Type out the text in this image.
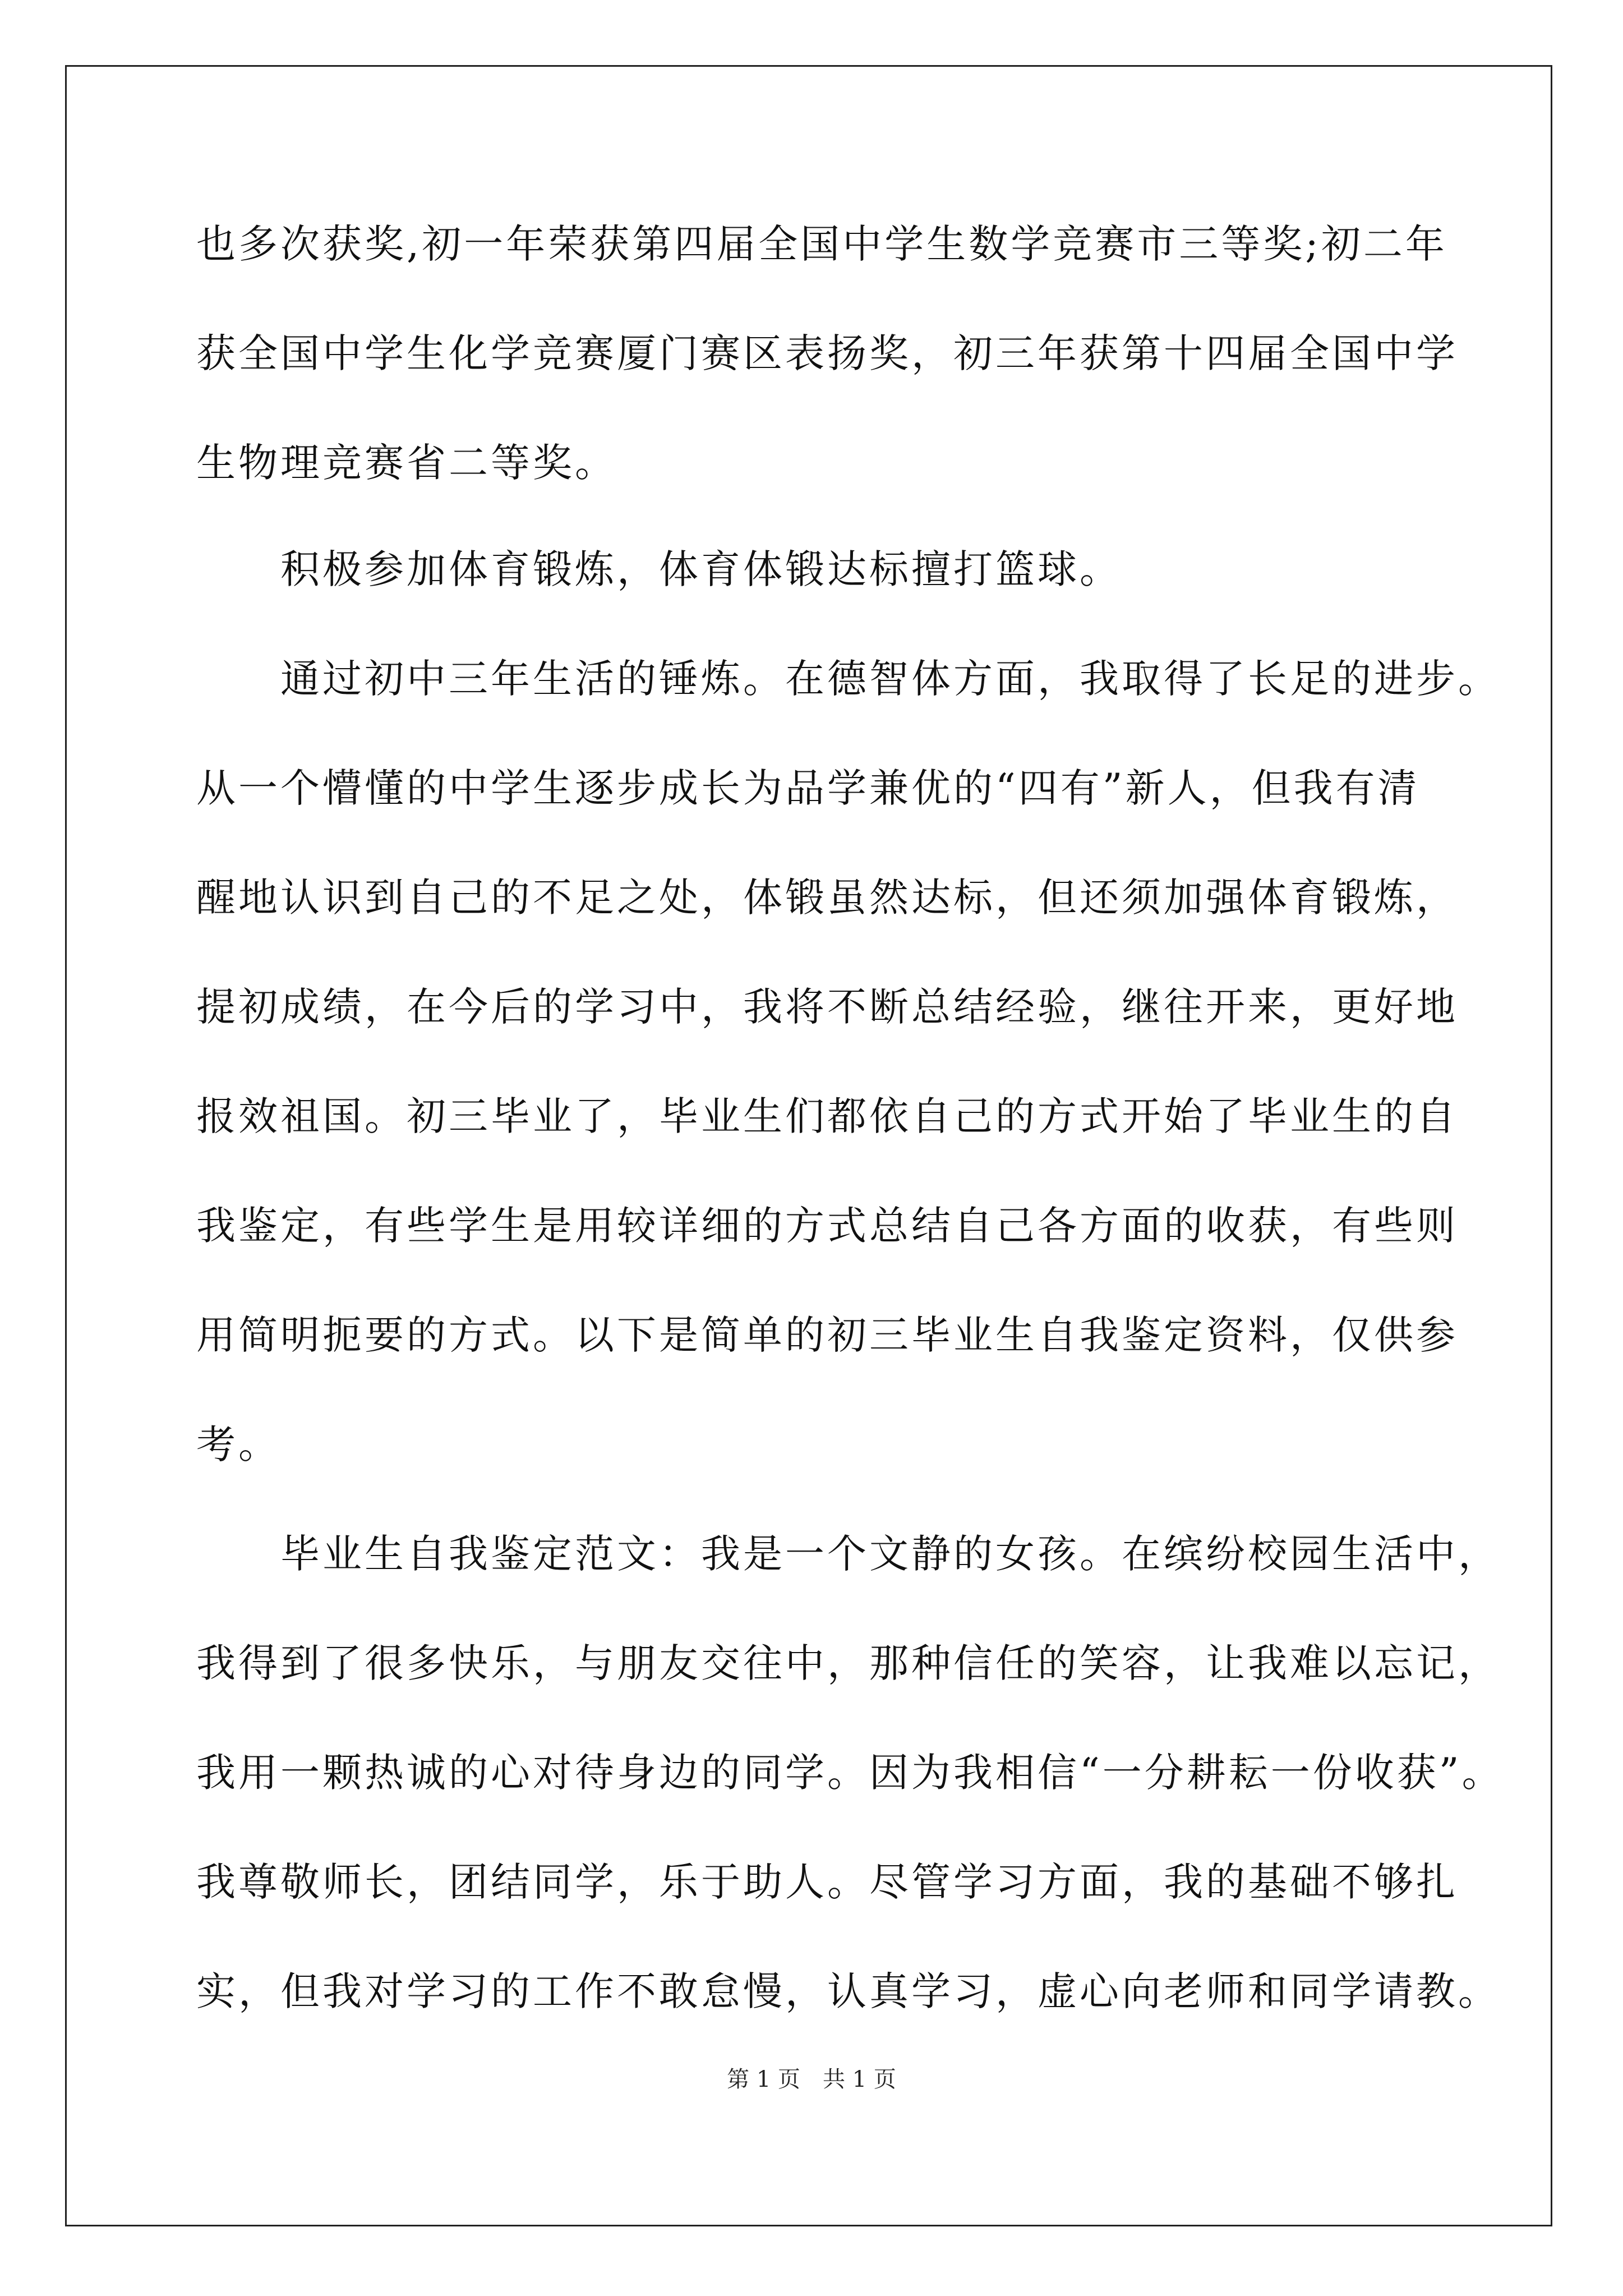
也多次获奖,初一年荣获第四届全国中学生数学竞赛市三等奖;初二年
获全国中学生化学竞赛厦门赛区表扬奖，初三年获第十四届全国中学
生物理竞赛省二等奖。
积极参加体育锻炼，体育体锻达标擅打篮球。
通过初中三年生活的锤炼。在德智体方面，我取得了长足的进步。
从一个懵懂的中学生逐步成长为品学兼优的“四有”新人，但我有清
醒地认识到自己的不足之处，体锻虽然达标，但还须加强体育锻炼，
提初成绩，在今后的学习中，我将不断总结经验，继往开来，更好地
报效祖国。初三毕业了，毕业生们都依自己的方式开始了毕业生的自
我鉴定，有些学生是用较详细的方式总结自己各方面的收获，有些则
用简明扼要的方式。以下是简单的初三毕业生自我鉴定资料，仅供参
考。
毕业生自我鉴定范文：我是一个文静的女孩。在缤纷校园生活中，
我得到了很多快乐，与朋友交往中，那种信任的笑容，让我难以忘记，
我用一颗热诚的心对待身边的同学。因为我相信“一分耕耘一份收获”。
我尊敬师长，团结同学，乐于助人。尽管学习方面，我的基础不够扎
实，但我对学习的工作不敢怠慢，认真学习，虚心向老师和同学请教。
第 1 页　共 1 页
